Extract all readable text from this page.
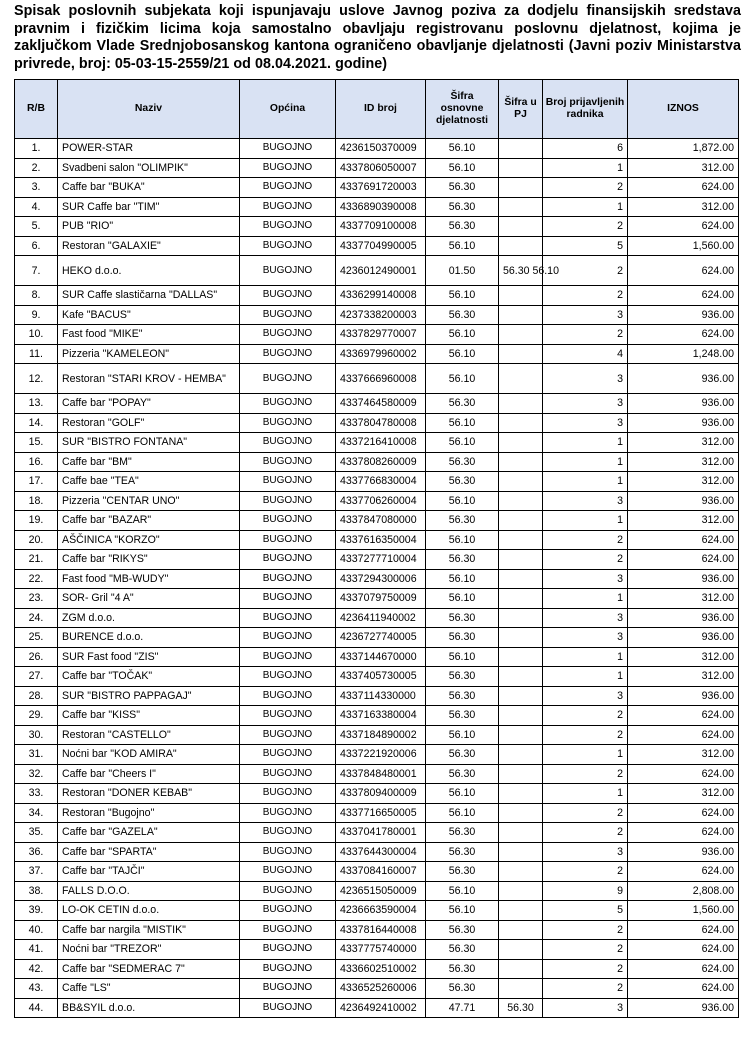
Spisak poslovnih subjekata koji ispunjavaju uslove Javnog poziva za dodjelu finansijskih sredstava pravnim i fizičkim licima koja samostalno obavljaju registrovanu poslovnu djelatnost, kojima je zaključkom Vlade Srednjobosanskog kantona ograničeno obavljanje djelatnosti (Javni poziv Ministarstva privrede, broj: 05-03-15-2559/21 od 08.04.2021. godine)

R/B	Naziv	Općina	ID broj	Šifra osnovne djelatnosti	Šifra u PJ	Broj prijavljenih radnika	IZNOS
1.	POWER-STAR	BUGOJNO	4236150370009	56.10		6	1,872.00
2.	Svadbeni salon "OLIMPIK"	BUGOJNO	4337806050007	56.10		1	312.00
3.	Caffe bar "BUKA"	BUGOJNO	4337691720003	56.30		2	624.00
4.	SUR Caffe bar "TIM"	BUGOJNO	4336890390008	56.30		1	312.00
5.	PUB "RIO"	BUGOJNO	4337709100008	56.30		2	624.00
6.	Restoran "GALAXIE"	BUGOJNO	4337704990005	56.10		5	1,560.00
7.	HEKO d.o.o.	BUGOJNO	4236012490001	01.50	56.30 56.10	2	624.00
8.	SUR Caffe slastičarna "DALLAS"	BUGOJNO	4336299140008	56.10		2	624.00
9.	Kafe "BACUS"	BUGOJNO	4237338200003	56.30		3	936.00
10.	Fast food "MIKE"	BUGOJNO	4337829770007	56.10		2	624.00
11.	Pizzeria "KAMELEON"	BUGOJNO	4336979960002	56.10		4	1,248.00
12.	Restoran "STARI KROV - HEMBA"	BUGOJNO	4337666960008	56.10		3	936.00
13.	Caffe bar "POPAY"	BUGOJNO	4337464580009	56.30		3	936.00
14.	Restoran "GOLF"	BUGOJNO	4337804780008	56.10		3	936.00
15.	SUR "BISTRO FONTANA"	BUGOJNO	4337216410008	56.10		1	312.00
16.	Caffe bar "BM"	BUGOJNO	4337808260009	56.30		1	312.00
17.	Caffe bae "TEA"	BUGOJNO	4337766830004	56.30		1	312.00
18.	Pizzeria "CENTAR UNO"	BUGOJNO	4337706260004	56.10		3	936.00
19.	Caffe bar "BAZAR"	BUGOJNO	4337847080000	56.30		1	312.00
20.	AŠČINICA "KORZO"	BUGOJNO	4337616350004	56.10		2	624.00
21.	Caffe bar "RIKYS"	BUGOJNO	4337277710004	56.30		2	624.00
22.	Fast food "MB-WUDY"	BUGOJNO	4337294300006	56.10		3	936.00
23.	SOR- Gril "4 A"	BUGOJNO	4337079750009	56.10		1	312.00
24.	ZGM d.o.o.	BUGOJNO	4236411940002	56.30		3	936.00
25.	BURENCE d.o.o.	BUGOJNO	4236727740005	56.30		3	936.00
26.	SUR Fast food "ZIS"	BUGOJNO	4337144670000	56.10		1	312.00
27.	Caffe bar "TOČAK"	BUGOJNO	4337405730005	56.30		1	312.00
28.	SUR "BISTRO PAPPAGAJ"	BUGOJNO	4337114330000	56.30		3	936.00
29.	Caffe bar "KISS"	BUGOJNO	4337163380004	56.30		2	624.00
30.	Restoran "CASTELLO"	BUGOJNO	4337184890002	56.10		2	624.00
31.	Noćni bar "KOD AMIRA"	BUGOJNO	4337221920006	56.30		1	312.00
32.	Caffe bar "Cheers I"	BUGOJNO	4337848480001	56.30		2	624.00
33.	Restoran "DONER KEBAB"	BUGOJNO	4337809400009	56.10		1	312.00
34.	Restoran "Bugojno"	BUGOJNO	4337716650005	56.10		2	624.00
35.	Caffe bar "GAZELA"	BUGOJNO	4337041780001	56.30		2	624.00
36.	Caffe bar "SPARTA"	BUGOJNO	4337644300004	56.30		3	936.00
37.	Caffe bar "TAJČI"	BUGOJNO	4337084160007	56.30		2	624.00
38.	FALLS D.O.O.	BUGOJNO	4236515050009	56.10		9	2,808.00
39.	LO-OK CETIN d.o.o.	BUGOJNO	4236663590004	56.10		5	1,560.00
40.	Caffe bar nargila "MISTIK"	BUGOJNO	4337816440008	56.30		2	624.00
41.	Noćni bar "TREZOR"	BUGOJNO	4337775740000	56.30		2	624.00
42.	Caffe bar "SEDMERAC 7"	BUGOJNO	4336602510002	56.30		2	624.00
43.	Caffe "LS"	BUGOJNO	4336525260006	56.30		2	624.00
44.	BB&SYIL d.o.o.	BUGOJNO	4236492410002	47.71	56.30	3	936.00
